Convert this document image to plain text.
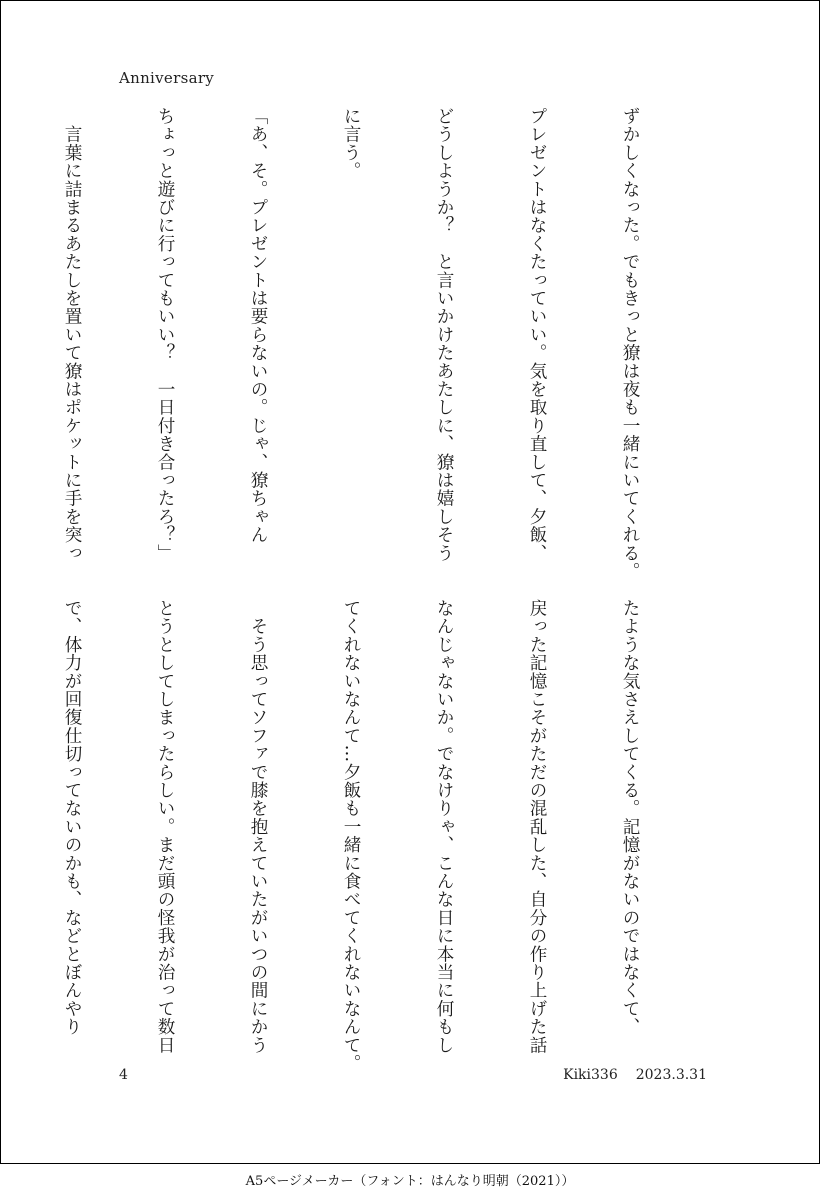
Anniversary

ずかしくなった。でもきっと獠は夜も一緒にいてくれる。

プレゼントはなくたっていい。気を取り直して、夕飯、

どうしようか？　と言いかけたあたしに、獠は嬉しそう

に言う。

「あ、そ。プレゼントは要らないの。じゃ、獠ちゃん

ちょっと遊びに行ってもいい？　一日付き合ったろ？」

　言葉に詰まるあたしを置いて獠はポケットに手を突っ

たような気さえしてくる。記憶がないのではなくて、

戻った記憶こそがただの混乱した、自分の作り上げた話

なんじゃないか。でなけりゃ、こんな日に本当に何もし

てくれないなんて…夕飯も一緒に食べてくれないなんて。

　そう思ってソファで膝を抱えていたがいつの間にかう

とうとしてしまったらしい。まだ頭の怪我が治って数日

で、体力が回復仕切ってないのかも、などとぼんやり

4	Kiki336 2023.3.31
A5ページメーカー（フォント：はんなり明朝（2021））
